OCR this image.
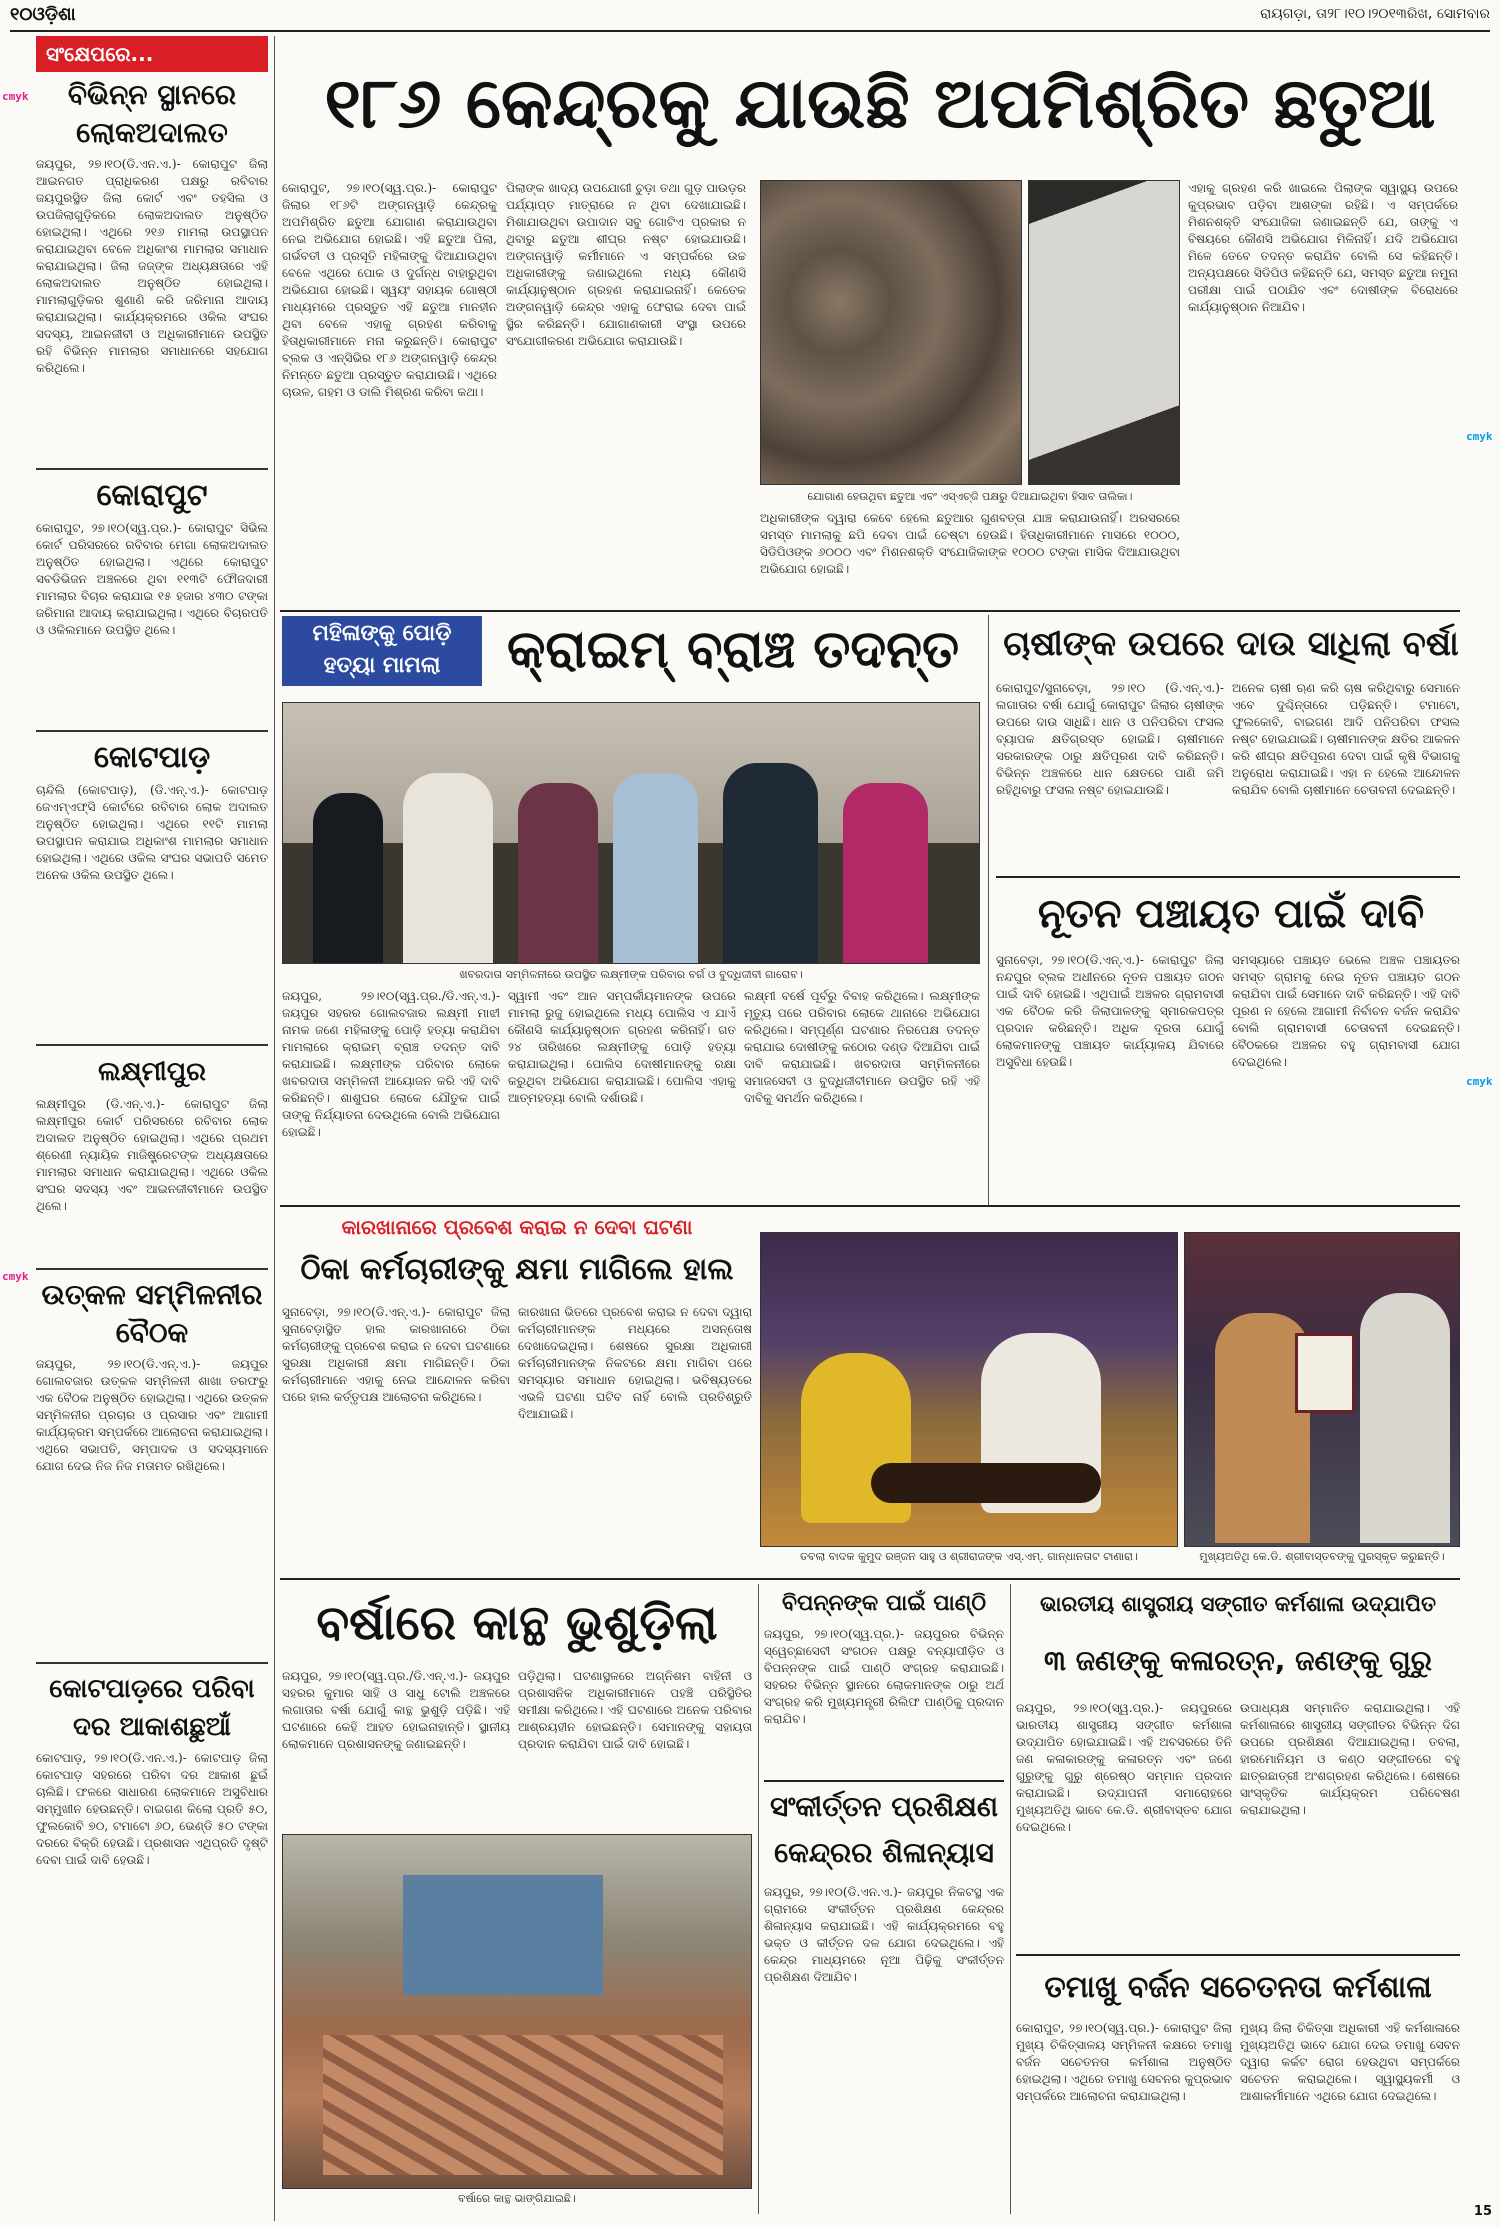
୧୦ଓଡ଼ିଶା	ରାୟଗଡ଼ା, ତା୨୮।୧୦।୨୦୧୩ରିଖ, ସୋମବାର
cmyk
cmyk
cmyk
cmyk
ସଂକ୍ଷେପରେ...
ବିଭିନ୍ନ ସ୍ଥାନରେ ଲୋକଅଦାଲତ
ଜୟପୁର, ୨୭।୧୦(ଡି.ଏନ.ଏ.)- କୋରାପୁଟ ଜିଲା ଆଇନଗତ ପ୍ରାଧିକରଣ ପକ୍ଷରୁ ରବିବାର ଜୟପୁରସ୍ଥିତ ଜିଲା କୋର୍ଟ ଏବଂ ତହସିଲ ଓ ଉପଜିଲାଗୁଡ଼ିକରେ ଲୋକଅଦାଲତ ଅନୁଷ୍ଠିତ ହୋଇଥିଲା। ଏଥିରେ ୨୧୬ ମାମଲା ଉପସ୍ଥାପନ କରାଯାଇଥିବା ବେଳେ ଅଧିକାଂଶ ମାମଲାର ସମାଧାନ କରାଯାଇଥିଲା। ଜିଲା ଜଜ୍‌ଙ୍କ ଅଧ୍ୟକ୍ଷତାରେ ଏହି ଲୋକଅଦାଲତ ଅନୁଷ୍ଠିତ ହୋଇଥିଲା। ମାମଲାଗୁଡ଼ିକର ଶୁଣାଣି କରି ଜରିମାନା ଆଦାୟ କରାଯାଇଥିଲା। କାର୍ଯ୍ୟକ୍ରମରେ ଓକିଲ ସଂଘର ସଦସ୍ୟ, ଆଇନଜୀବୀ ଓ ଅଧିକାରୀମାନେ ଉପସ୍ଥିତ ରହି ବିଭିନ୍ନ ମାମଲାର ସମାଧାନରେ ସହଯୋଗ କରିଥିଲେ।
କୋରାପୁଟ
କୋରାପୁଟ, ୨୭।୧୦(ସ୍ୱ.ପ୍ର.)- କୋରାପୁଟ ସିଭିଲ କୋର୍ଟ ପରିସରରେ ରବିବାର ମେଗା ଲୋକଅଦାଲତ ଅନୁଷ୍ଠିତ ହୋଇଥିଲା। ଏଥିରେ କୋରାପୁଟ ସବଡିଭିଜନ ଅଞ୍ଚଳରେ ଥିବା ୧୧୩ଟି ଫୌଜଦାରୀ ମାମଲାର ବିଚାର କରାଯାଇ ୧୫ ହଜାର ୪୩୦ ଟଙ୍କା ଜରିମାନା ଆଦାୟ କରାଯାଇଥିଲା। ଏଥିରେ ବିଚାରପତି ଓ ଓକିଲମାନେ ଉପସ୍ଥିତ ଥିଲେ।
କୋଟପାଡ଼
ଚାନ୍ଦିଲି (କୋଟପାଡ଼), (ଡି.ଏନ୍.ଏ.)- କୋଟପାଡ଼ ଜେଏମ୍‌ଏଫ୍‌ସି କୋର୍ଟରେ ରବିବାର ଲୋକ ଅଦାଲତ ଅନୁଷ୍ଠିତ ହୋଇଥିଲା। ଏଥିରେ ୧୧ଟି ମାମଲା ଉପସ୍ଥାପନ କରାଯାଇ ଅଧିକାଂଶ ମାମଲାର ସମାଧାନ ହୋଇଥିଲା। ଏଥିରେ ଓକିଲ ସଂଘର ସଭାପତି ସମେତ ଅନେକ ଓକିଲ ଉପସ୍ଥିତ ଥିଲେ।
ଲକ୍ଷ୍ମୀପୁର
ଲକ୍ଷ୍ମୀପୁର (ଡି.ଏନ୍.ଏ.)- କୋରାପୁଟ ଜିଲା ଲକ୍ଷ୍ମୀପୁର କୋର୍ଟ ପରିସରରେ ରବିବାର ଲୋକ ଅଦାଲତ ଅନୁଷ୍ଠିତ ହୋଇଥିଲା। ଏଥିରେ ପ୍ରଥମ ଶ୍ରେଣୀ ନ୍ୟାୟିକ ମାଜିଷ୍ଟ୍ରେଟଙ୍କ ଅଧ୍ୟକ୍ଷତାରେ ମାମଲାର ସମାଧାନ କରାଯାଇଥିଲା। ଏଥିରେ ଓକିଲ ସଂଘର ସଦସ୍ୟ ଏବଂ ଆଇନଜୀବୀମାନେ ଉପସ୍ଥିତ ଥିଲେ।
ଉତ୍କଳ ସମ୍ମିଳନୀର ବୈଠକ
ଜୟପୁର, ୨୭।୧୦(ଡି.ଏନ୍.ଏ.)- ଜୟପୁର ଗୋଲବଜାର ଉତ୍କଳ ସମ୍ମିଳନୀ ଶାଖା ତରଫରୁ ଏକ ବୈଠକ ଅନୁଷ୍ଠିତ ହୋଇଥିଲା। ଏଥିରେ ଉତ୍କଳ ସମ୍ମିଳନୀର ପ୍ରଚାର ଓ ପ୍ରସାର ଏବଂ ଆଗାମୀ କାର୍ଯ୍ୟକ୍ରମ ସମ୍ପର୍କରେ ଆଲୋଚନା କରାଯାଇଥିଲା। ଏଥିରେ ସଭାପତି, ସମ୍ପାଦକ ଓ ସଦସ୍ୟମାନେ ଯୋଗ ଦେଇ ନିଜ ନିଜ ମତାମତ ରଖିଥିଲେ।
କୋଟପାଡ଼ରେ ପରିବା ଦର ଆକାଶଛୁଆଁ
କୋଟପାଡ଼, ୨୭।୧୦(ଡି.ଏନ.ଏ.)- କୋଟପାଡ଼ ଜିଲା କୋଟପାଡ଼ ସହରରେ ପରିବା ଦର ଆକାଶ ଛୁଇଁ ଚାଲିଛି। ଫଳରେ ସାଧାରଣ ଲୋକମାନେ ଅସୁବିଧାର ସମ୍ମୁଖୀନ ହେଉଛନ୍ତି। ବାଇଗଣ କିଲୋ ପ୍ରତି ୫୦, ଫୁଲକୋବି ୭୦, ଟମାଟୋ ୬୦, ଭେଣ୍ଡି ୫୦ ଟଙ୍କା ଦରରେ ବିକ୍ରି ହେଉଛି। ପ୍ରଶାସନ ଏଥିପ୍ରତି ଦୃଷ୍ଟି ଦେବା ପାଇଁ ଦାବି ହେଉଛି।
୧୮୬ କେନ୍ଦ୍ରକୁ ଯାଉଛି ଅପମିଶ୍ରିତ ଛତୁଆ
କୋରାପୁଟ, ୨୭।୧୦(ସ୍ୱ.ପ୍ର.)- କୋରାପୁଟ ଜିଲାର ୧୮୬ଟି ଅଙ୍ଗନୱାଡ଼ି କେନ୍ଦ୍ରକୁ ଅପମିଶ୍ରିତ ଛତୁଆ ଯୋଗାଣ କରାଯାଉଥିବା ନେଇ ଅଭିଯୋଗ ହୋଇଛି। ଏହି ଛତୁଆ ପିଲା, ଗର୍ଭବତୀ ଓ ପ୍ରସୂତି ମହିଳାଙ୍କୁ ଦିଆଯାଉଥିବା ବେଳେ ଏଥିରେ ପୋକ ଓ ଦୁର୍ଗନ୍ଧ ବାହାରୁଥିବା ଅଭିଯୋଗ ହୋଇଛି। ସ୍ୱୟଂ ସହାୟକ ଗୋଷ୍ଠୀ ମାଧ୍ୟମରେ ପ୍ରସ୍ତୁତ ଏହି ଛତୁଆ ମାନହୀନ ଥିବା ବେଳେ ଏହାକୁ ଗ୍ରହଣ କରିବାକୁ ହିତାଧିକାରୀମାନେ ମନା କରୁଛନ୍ତି। କୋରାପୁଟ ବ୍ଲକ ଓ ଏନ୍‌ସିଭିର ୧୮୬ ଅଙ୍ଗନୱାଡ଼ି କେନ୍ଦ୍ର ନିମନ୍ତେ ଛତୁଆ ପ୍ରସ୍ତୁତ କରାଯାଉଛି। ଏଥିରେ ଚାଉଳ, ଗହମ ଓ ଡାଲି ମିଶ୍ରଣ କରିବା କଥା।
ପିଲାଙ୍କ ଖାଦ୍ୟ ଉପଯୋଗୀ ଚୁଡ଼ା ତଥା ଗୁଡ଼ ପାଉଡ଼ର ପର୍ଯ୍ୟାପ୍ତ ମାତ୍ରାରେ ନ ଥିବା ଦେଖାଯାଇଛି। ମିଶାଯାଉଥିବା ଉପାଦାନ ସବୁ ଗୋଟିଏ ପ୍ରକାର ନ ଥିବାରୁ ଛତୁଆ ଶୀଘ୍ର ନଷ୍ଟ ହୋଇଯାଉଛି। ଅଙ୍ଗନୱାଡ଼ି କର୍ମୀମାନେ ଏ ସମ୍ପର୍କରେ ଉଚ୍ଚ ଅଧିକାରୀଙ୍କୁ ଜଣାଇଥିଲେ ମଧ୍ୟ କୌଣସି କାର୍ଯ୍ୟାନୁଷ୍ଠାନ ଗ୍ରହଣ କରାଯାଇନାହିଁ। କେତେକ ଅଙ୍ଗନୱାଡ଼ି କେନ୍ଦ୍ର ଏହାକୁ ଫେରାଇ ଦେବା ପାଇଁ ସ୍ଥିର କରିଛନ୍ତି। ଯୋଗାଣକାରୀ ସଂସ୍ଥା ଉପରେ ସଂଯୋଗୀକରଣ ଅଭିଯୋଗ କରାଯାଉଛି।
ଯୋଗାଣ ହେଉଥିବା ଛତୁଆ ଏବଂ ଏସ୍‌ଏଚ୍‌ଜି ପକ୍ଷରୁ ଦିଆଯାଇଥିବା ହିସାବ ତାଲିକା।
ଅଧିକାରୀଙ୍କ ଦ୍ୱାରା କେବେ ହେଲେ ଛତୁଆର ଗୁଣବତ୍ତା ଯାଞ୍ଚ କରାଯାଉନାହିଁ। ଅରସରରେ ସମସ୍ତ ମାମଲାକୁ ଛପି ଦେବା ପାଇଁ ଚେଷ୍ଟା ହେଉଛି। ହିତାଧିକାରୀମାନେ ମାସରେ ୧୦୦୦, ସିଡିପିଓଙ୍କ ୬୦୦୦ ଏବଂ ମିଶନଶକ୍ତି ସଂଯୋଜିକାଙ୍କ ୧୦୦୦ ଟଙ୍କା ମାସିକ ଦିଆଯାଉଥିବା ଅଭିଯୋଗ ହୋଇଛି।
ଏହାକୁ ଗ୍ରହଣ କରି ଖାଇଲେ ପିଲାଙ୍କ ସ୍ୱାସ୍ଥ୍ୟ ଉପରେ କୁପ୍ରଭାବ ପଡ଼ିବା ଆଶଙ୍କା ରହିଛି। ଏ ସମ୍ପର୍କରେ ମିଶନଶକ୍ତି ସଂଯୋଜିକା ଜଣାଇଛନ୍ତି ଯେ, ତାଙ୍କୁ ଏ ବିଷୟରେ କୌଣସି ଅଭିଯୋଗ ମିଳିନାହିଁ। ଯଦି ଅଭିଯୋଗ ମିଳେ ତେବେ ତଦନ୍ତ କରାଯିବ ବୋଲି ସେ କହିଛନ୍ତି। ଅନ୍ୟପକ୍ଷରେ ସିଡିପିଓ କହିଛନ୍ତି ଯେ, ସମସ୍ତ ଛତୁଆ ନମୁନା ପରୀକ୍ଷା ପାଇଁ ପଠାଯିବ ଏବଂ ଦୋଷୀଙ୍କ ବିରୋଧରେ କାର୍ଯ୍ୟାନୁଷ୍ଠାନ ନିଆଯିବ।
ମହିଳାଙ୍କୁ ପୋଡ଼ି
ହତ୍ୟା ମାମଲା	କ୍ରାଇମ୍ ବ୍ରାଞ୍ଚ ତଦନ୍ତ
ଖବରଦାତା ସମ୍ମିଳନୀରେ ଉପସ୍ଥିତ ଲକ୍ଷ୍ମୀଙ୍କ ପରିବାର ବର୍ଗ ଓ ବୁଦ୍ଧିଜୀବୀ ଗାରୋବ।
ଜୟପୁର, ୨୭।୧୦(ସ୍ୱ.ପ୍ର./ଡି.ଏନ୍.ଏ.)- ଜୟପୁର ସହରର ଗୋଲବଜାର ଲକ୍ଷ୍ମୀ ମାଝୀ ନାମକ ଜଣେ ମହିଳାଙ୍କୁ ପୋଡ଼ି ହତ୍ୟା କରାଯିବା ମାମଲାରେ କ୍ରାଇମ୍ ବ୍ରାଞ୍ଚ ତଦନ୍ତ ଦାବି କରାଯାଇଛି। ଲକ୍ଷ୍ମୀଙ୍କ ପରିବାର ଲୋକେ ଖବରଦାତା ସମ୍ମିଳନୀ ଆୟୋଜନ କରି ଏହି ଦାବି କରିଛନ୍ତି। ଶାଶୁଘର ଲୋକେ ଯୌତୁକ ପାଇଁ ତାଙ୍କୁ ନିର୍ଯ୍ୟାତନା ଦେଉଥିଲେ ବୋଲି ଅଭିଯୋଗ ହୋଇଛି।
ସ୍ୱାମୀ ଏବଂ ଆନ ସମ୍ପର୍କୀୟମାନଙ୍କ ଉପରେ ମାମଲା ରୁଜୁ ହୋଇଥିଲେ ମଧ୍ୟ ପୋଲିସ ଏ ଯାଏଁ କୌଣସି କାର୍ଯ୍ୟାନୁଷ୍ଠାନ ଗ୍ରହଣ କରିନାହିଁ। ଗତ ୨୪ ତାରିଖରେ ଲକ୍ଷ୍ମୀଙ୍କୁ ପୋଡ଼ି ହତ୍ୟା କରାଯାଇଥିଲା। ପୋଲିସ ଦୋଷୀମାନଙ୍କୁ ରକ୍ଷା କରୁଥିବା ଅଭିଯୋଗ କରାଯାଇଛି। ପୋଲିସ ଏହାକୁ ଆତ୍ମହତ୍ୟା ବୋଲି ଦର୍ଶାଉଛି।
ଲକ୍ଷ୍ମୀ ବର୍ଷେ ପୂର୍ବରୁ ବିବାହ କରିଥିଲେ। ଲକ୍ଷ୍ମୀଙ୍କ ମୃତ୍ୟୁ ପରେ ପରିବାର ଲୋକେ ଥାନାରେ ଅଭିଯୋଗ କରିଥିଲେ। ସମ୍ପୂର୍ଣ୍ଣ ଘଟଣାର ନିରପେକ୍ଷ ତଦନ୍ତ କରାଯାଇ ଦୋଷୀଙ୍କୁ କଠୋର ଦଣ୍ଡ ଦିଆଯିବା ପାଇଁ ଦାବି କରାଯାଇଛି। ଖବରଦାତା ସମ୍ମିଳନୀରେ ସମାଜସେବୀ ଓ ବୁଦ୍ଧିଜୀବୀମାନେ ଉପସ୍ଥିତ ରହି ଏହି ଦାବିକୁ ସମର୍ଥନ କରିଥିଲେ।
ଚାଷୀଙ୍କ ଉପରେ ଦାଉ ସାଧିଲା ବର୍ଷା
କୋରାପୁଟ/ସୁନାବେଡ଼ା, ୨୭।୧୦ (ଡି.ଏନ୍.ଏ.)- ଲଗାତାର ବର୍ଷା ଯୋଗୁଁ କୋରାପୁଟ ଜିଲାର ଚାଷୀଙ୍କ ଉପରେ ଦାଉ ସାଧିଛି। ଧାନ ଓ ପନିପରିବା ଫସଲ ବ୍ୟାପକ କ୍ଷତିଗ୍ରସ୍ତ ହୋଇଛି। ଚାଷୀମାନେ ସରକାରଙ୍କ ଠାରୁ କ୍ଷତିପୂରଣ ଦାବି କରିଛନ୍ତି। ବିଭିନ୍ନ ଅଞ୍ଚଳରେ ଧାନ କ୍ଷେତରେ ପାଣି ଜମି ରହିଥିବାରୁ ଫସଲ ନଷ୍ଟ ହୋଇଯାଉଛି।
ଅନେକ ଚାଷୀ ଋଣ କରି ଚାଷ କରିଥିବାରୁ ସେମାନେ ଏବେ ଦୁଶ୍ଚିନ୍ତାରେ ପଡ଼ିଛନ୍ତି। ଟମାଟୋ, ଫୁଲକୋବି, ବାଇଗଣ ଆଦି ପନିପରିବା ଫସଲ ନଷ୍ଟ ହୋଇଯାଇଛି। ଚାଷୀମାନଙ୍କ କ୍ଷତିର ଆକଳନ କରି ଶୀଘ୍ର କ୍ଷତିପୂରଣ ଦେବା ପାଇଁ କୃଷି ବିଭାଗକୁ ଅନୁରୋଧ କରାଯାଇଛି। ଏହା ନ ହେଲେ ଆନ୍ଦୋଳନ କରାଯିବ ବୋଲି ଚାଷୀମାନେ ଚେତାବନୀ ଦେଇଛନ୍ତି।
ନୂତନ ପଞ୍ଚାୟତ ପାଇଁ ଦାବି
ସୁନାବେଡ଼ା, ୨୭।୧୦(ଡି.ଏନ୍.ଏ.)- କୋରାପୁଟ ଜିଲା ନନ୍ଦପୁର ବ୍ଲକ ଅଧୀନରେ ନୂତନ ପଞ୍ଚାୟତ ଗଠନ ପାଇଁ ଦାବି ହୋଇଛି। ଏଥିପାଇଁ ଅଞ୍ଚଳର ଗ୍ରାମବାସୀ ଏକ ବୈଠକ କରି ଜିଲାପାଳଙ୍କୁ ସ୍ମାରକପତ୍ର ପ୍ରଦାନ କରିଛନ୍ତି। ଅଧିକ ଦୂରତା ଯୋଗୁଁ ଲୋକମାନଙ୍କୁ ପଞ୍ଚାୟତ କାର୍ଯ୍ୟାଳୟ ଯିବାରେ ଅସୁବିଧା ହେଉଛି।
ସମସ୍ୟାରେ ପଞ୍ଚାୟତ ଭେଲେ ଅଞ୍ଚଳ ପଞ୍ଚାୟତର ସମସ୍ତ ଗ୍ରାମକୁ ନେଇ ନୂତନ ପଞ୍ଚାୟତ ଗଠନ କରାଯିବା ପାଇଁ ସେମାନେ ଦାବି କରିଛନ୍ତି। ଏହି ଦାବି ପୂରଣ ନ ହେଲେ ଆଗାମୀ ନିର୍ବାଚନ ବର୍ଜନ କରାଯିବ ବୋଲି ଗ୍ରାମବାସୀ ଚେତାବନୀ ଦେଇଛନ୍ତି। ବୈଠକରେ ଅଞ୍ଚଳର ବହୁ ଗ୍ରାମବାସୀ ଯୋଗ ଦେଇଥିଲେ।
କାରଖାନାରେ ପ୍ରବେଶ କରାଇ ନ ଦେବା ଘଟଣା
ଠିକା କର୍ମଚାରୀଙ୍କୁ କ୍ଷମା ମାଗିଲେ ହାଲ
ସୁନାବେଡ଼ା, ୨୭।୧୦(ଡି.ଏନ୍.ଏ.)- କୋରାପୁଟ ଜିଲା ସୁନାବେଡ଼ାସ୍ଥିତ ହାଲ କାରଖାନାରେ ଠିକା କର୍ମଚାରୀଙ୍କୁ ପ୍ରବେଶ କରାଇ ନ ଦେବା ଘଟଣାରେ ସୁରକ୍ଷା ଅଧିକାରୀ କ୍ଷମା ମାଗିଛନ୍ତି। ଠିକା କର୍ମଚାରୀମାନେ ଏହାକୁ ନେଇ ଆନ୍ଦୋଳନ କରିବା ପରେ ହାଲ କର୍ତ୍ତୃପକ୍ଷ ଆଲୋଚନା କରିଥିଲେ।
କାରଖାନା ଭିତରେ ପ୍ରବେଶ କରାଇ ନ ଦେବା ଦ୍ୱାରା କର୍ମଚାରୀମାନଙ୍କ ମଧ୍ୟରେ ଅସନ୍ତୋଷ ଦେଖାଦେଇଥିଲା। ଶେଷରେ ସୁରକ୍ଷା ଅଧିକାରୀ କର୍ମଚାରୀମାନଙ୍କ ନିକଟରେ କ୍ଷମା ମାଗିବା ପରେ ସମସ୍ୟାର ସମାଧାନ ହୋଇଥିଲା। ଭବିଷ୍ୟତରେ ଏଭଳି ଘଟଣା ଘଟିବ ନାହିଁ ବୋଲି ପ୍ରତିଶ୍ରୁତି ଦିଆଯାଇଛି।
ତବଲା ବାଦକ କୁମୁଦ ରଞ୍ଜନ ସାହୁ ଓ ଶ୍ରୀରାଜଙ୍କ ଏସ୍.ଏମ୍. ଗାନ୍ଧାନତାଟ ଟାଣାରା।	ମୁଖ୍ୟଅତିଥି କେ.ଡି. ଶ୍ରୀବାସ୍ତବଙ୍କୁ ପୁରସ୍କୃତ କରୁଛନ୍ତି।
ବର୍ଷାରେ କାନ୍ଥ ଭୁଶୁଡ଼ିଲା
ଜୟପୁର, ୨୭।୧୦(ସ୍ୱ.ପ୍ର./ଡି.ଏନ୍.ଏ.)- ଜୟପୁର ସହରର କୁମାର ସାହି ଓ ସାଧୁ ଟୋଲି ଅଞ୍ଚଳରେ ଲଗାତାର ବର୍ଷା ଯୋଗୁଁ କାନ୍ଥ ଭୁଶୁଡ଼ି ପଡ଼ିଛି। ଏହି ଘଟଣାରେ କେହି ଆହତ ହୋଇନାହାନ୍ତି। ସ୍ଥାନୀୟ ଲୋକମାନେ ପ୍ରଶାସନଙ୍କୁ ଜଣାଇଛନ୍ତି।
ପଡ଼ିଥିଲା। ଘଟଣାସ୍ଥଳରେ ଅଗ୍ନିଶମ ବାହିନୀ ଓ ପ୍ରଶାସନିକ ଅଧିକାରୀମାନେ ପହଞ୍ଚି ପରିସ୍ଥିତିର ସମୀକ୍ଷା କରିଥିଲେ। ଏହି ଘଟଣାରେ ଅନେକ ପରିବାର ଆଶ୍ରୟହୀନ ହୋଇଛନ୍ତି। ସେମାନଙ୍କୁ ସହାୟତା ପ୍ରଦାନ କରାଯିବା ପାଇଁ ଦାବି ହୋଇଛି।
ବର୍ଷାରେ କାନ୍ଥ ଭାଙ୍ଗିଯାଇଛି।
ବିପନ୍ନଙ୍କ ପାଇଁ ପାଣ୍ଠି
ଜୟପୁର, ୨୭।୧୦(ସ୍ୱ.ପ୍ର.)- ଜୟପୁରର ବିଭିନ୍ନ ସ୍ୱେଚ୍ଛାସେବୀ ସଂଗଠନ ପକ୍ଷରୁ ବନ୍ୟାପୀଡ଼ିତ ଓ ବିପନ୍ନଙ୍କ ପାଇଁ ପାଣ୍ଠି ସଂଗ୍ରହ କରାଯାଇଛି। ସହରର ବିଭିନ୍ନ ସ୍ଥାନରେ ଲୋକମାନଙ୍କ ଠାରୁ ଅର୍ଥ ସଂଗ୍ରହ କରି ମୁଖ୍ୟମନ୍ତ୍ରୀ ରିଲିଫ ପାଣ୍ଠିକୁ ପ୍ରଦାନ କରାଯିବ।
ସଂକୀର୍ତ୍ତନ ପ୍ରଶିକ୍ଷଣ କେନ୍ଦ୍ରର ଶିଳାନ୍ୟାସ
ଜୟପୁର, ୨୭।୧୦(ଡି.ଏନ.ଏ.)- ଜୟପୁର ନିକଟସ୍ଥ ଏକ ଗ୍ରାମରେ ସଂକୀର୍ତ୍ତନ ପ୍ରଶିକ୍ଷଣ କେନ୍ଦ୍ରର ଶିଳାନ୍ୟାସ କରାଯାଇଛି। ଏହି କାର୍ଯ୍ୟକ୍ରମରେ ବହୁ ଭକ୍ତ ଓ କୀର୍ତ୍ତନ ଦଳ ଯୋଗ ଦେଇଥିଲେ। ଏହି କେନ୍ଦ୍ର ମାଧ୍ୟମରେ ନୂଆ ପିଢ଼ିକୁ ସଂକୀର୍ତ୍ତନ ପ୍ରଶିକ୍ଷଣ ଦିଆଯିବ।
ଭାରତୀୟ ଶାସ୍ତ୍ରୀୟ ସଙ୍ଗୀତ କର୍ମଶାଳା ଉଦ୍‌ଯାପିତ
୩ ଜଣଙ୍କୁ କଳାରତ୍ନ, ଜଣଙ୍କୁ ଗୁରୁ
ଜୟପୁର, ୨୭।୧୦(ସ୍ୱ.ପ୍ର.)- ଜୟପୁରରେ ଭାରତୀୟ ଶାସ୍ତ୍ରୀୟ ସଙ୍ଗୀତ କର୍ମଶାଳା ଉଦ୍‌ଯାପିତ ହୋଇଯାଇଛି। ଏହି ଅବସରରେ ତିନି ଜଣ କଳାକାରଙ୍କୁ କଳାରତ୍ନ ଏବଂ ଜଣେ ଗୁରୁଙ୍କୁ ଗୁରୁ ଶ୍ରେଷ୍ଠ ସମ୍ମାନ ପ୍ରଦାନ କରାଯାଇଛି। ଉଦ୍‌ଯାପନୀ ସମାରୋହରେ ମୁଖ୍ୟଅତିଥି ଭାବେ କେ.ଡି. ଶ୍ରୀବାସ୍ତବ ଯୋଗ ଦେଇଥିଲେ।
ଉପାଧ୍ୟକ୍ଷ ସମ୍ମାନିତ କରାଯାଇଥିଲା। ଏହି କର୍ମଶାଳାରେ ଶାସ୍ତ୍ରୀୟ ସଙ୍ଗୀତର ବିଭିନ୍ନ ଦିଗ ଉପରେ ପ୍ରଶିକ୍ଷଣ ଦିଆଯାଇଥିଲା। ତବଲା, ହାରମୋନିୟମ ଓ କଣ୍ଠ ସଙ୍ଗୀତରେ ବହୁ ଛାତ୍ରଛାତ୍ରୀ ଅଂଶଗ୍ରହଣ କରିଥିଲେ। ଶେଷରେ ସାଂସ୍କୃତିକ କାର୍ଯ୍ୟକ୍ରମ ପରିବେଷଣ କରାଯାଇଥିଲା।
ତମାଖୁ ବର୍ଜନ ସଚେତନତା କର୍ମଶାଳା
କୋରାପୁଟ, ୨୭।୧୦(ସ୍ୱ.ପ୍ର.)- କୋରାପୁଟ ଜିଲା ମୁଖ୍ୟ ଚିକିତ୍ସାଳୟ ସମ୍ମିଳନୀ କକ୍ଷରେ ତମାଖୁ ବର୍ଜନ ସଚେତନତା କର୍ମଶାଳା ଅନୁଷ୍ଠିତ ହୋଇଥିଲା। ଏଥିରେ ତମାଖୁ ସେବନର କୁପ୍ରଭାବ ସମ୍ପର୍କରେ ଆଲୋଚନା କରାଯାଇଥିଲା।
ମୁଖ୍ୟ ଜିଲା ଚିକିତ୍ସା ଅଧିକାରୀ ଏହି କର୍ମଶାଳାରେ ମୁଖ୍ୟଅତିଥି ଭାବେ ଯୋଗ ଦେଇ ତମାଖୁ ସେବନ ଦ୍ୱାରା କର୍କଟ ରୋଗ ହେଉଥିବା ସମ୍ପର୍କରେ ସଚେତନ କରାଇଥିଲେ। ସ୍ୱାସ୍ଥ୍ୟକର୍ମୀ ଓ ଆଶାକର୍ମୀମାନେ ଏଥିରେ ଯୋଗ ଦେଇଥିଲେ।
15
